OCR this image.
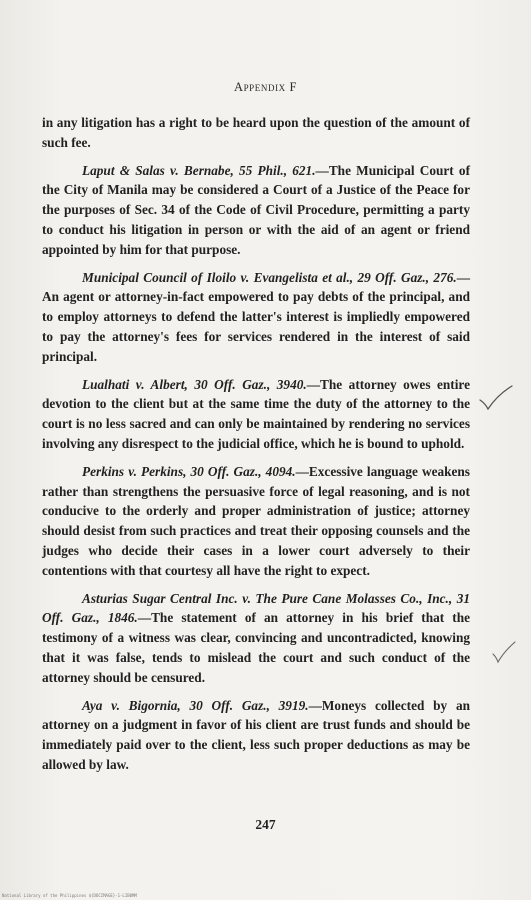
Appendix F

in any litigation has a right to be heard upon the question of the amount of such fee.

Laput & Salas v. Bernabe, 55 Phil., 621.—The Municipal Court of the City of Manila may be considered a Court of a Justice of the Peace for the purposes of Sec. 34 of the Code of Civil Procedure, permitting a party to conduct his litigation in person or with the aid of an agent or friend appointed by him for that purpose.

Municipal Council of Iloilo v. Evangelista et al., 29 Off. Gaz., 276.—An agent or attorney-in-fact empowered to pay debts of the principal, and to employ attorneys to defend the latter's interest is impliedly empowered to pay the attorney's fees for services rendered in the interest of said principal.

Lualhati v. Albert, 30 Off. Gaz., 3940.—The attorney owes entire devotion to the client but at the same time the duty of the attorney to the court is no less sacred and can only be maintained by rendering no services involving any disrespect to the judicial office, which he is bound to uphold.

Perkins v. Perkins, 30 Off. Gaz., 4094.—Excessive language weakens rather than strengthens the persuasive force of legal reasoning, and is not conducive to the orderly and proper administration of justice; attorney should desist from such practices and treat their opposing counsels and the judges who decide their cases in a lower court adversely to their contentions with that courtesy all have the right to expect.

Asturias Sugar Central Inc. v. The Pure Cane Molasses Co., Inc., 31 Off. Gaz., 1846.—The statement of an attorney in his brief that the testimony of a witness was clear, convincing and uncontradicted, knowing that it was false, tends to mislead the court and such conduct of the attorney should be censured.

Aya v. Bigornia, 30 Off. Gaz., 3919.—Moneys collected by an attorney on a judgment in favor of his client are trust funds and should be immediately paid over to the client, less such proper deductions as may be allowed by law.

247
National Library of the Philippines ${DOCIMAGE}-1-LIB0MM
